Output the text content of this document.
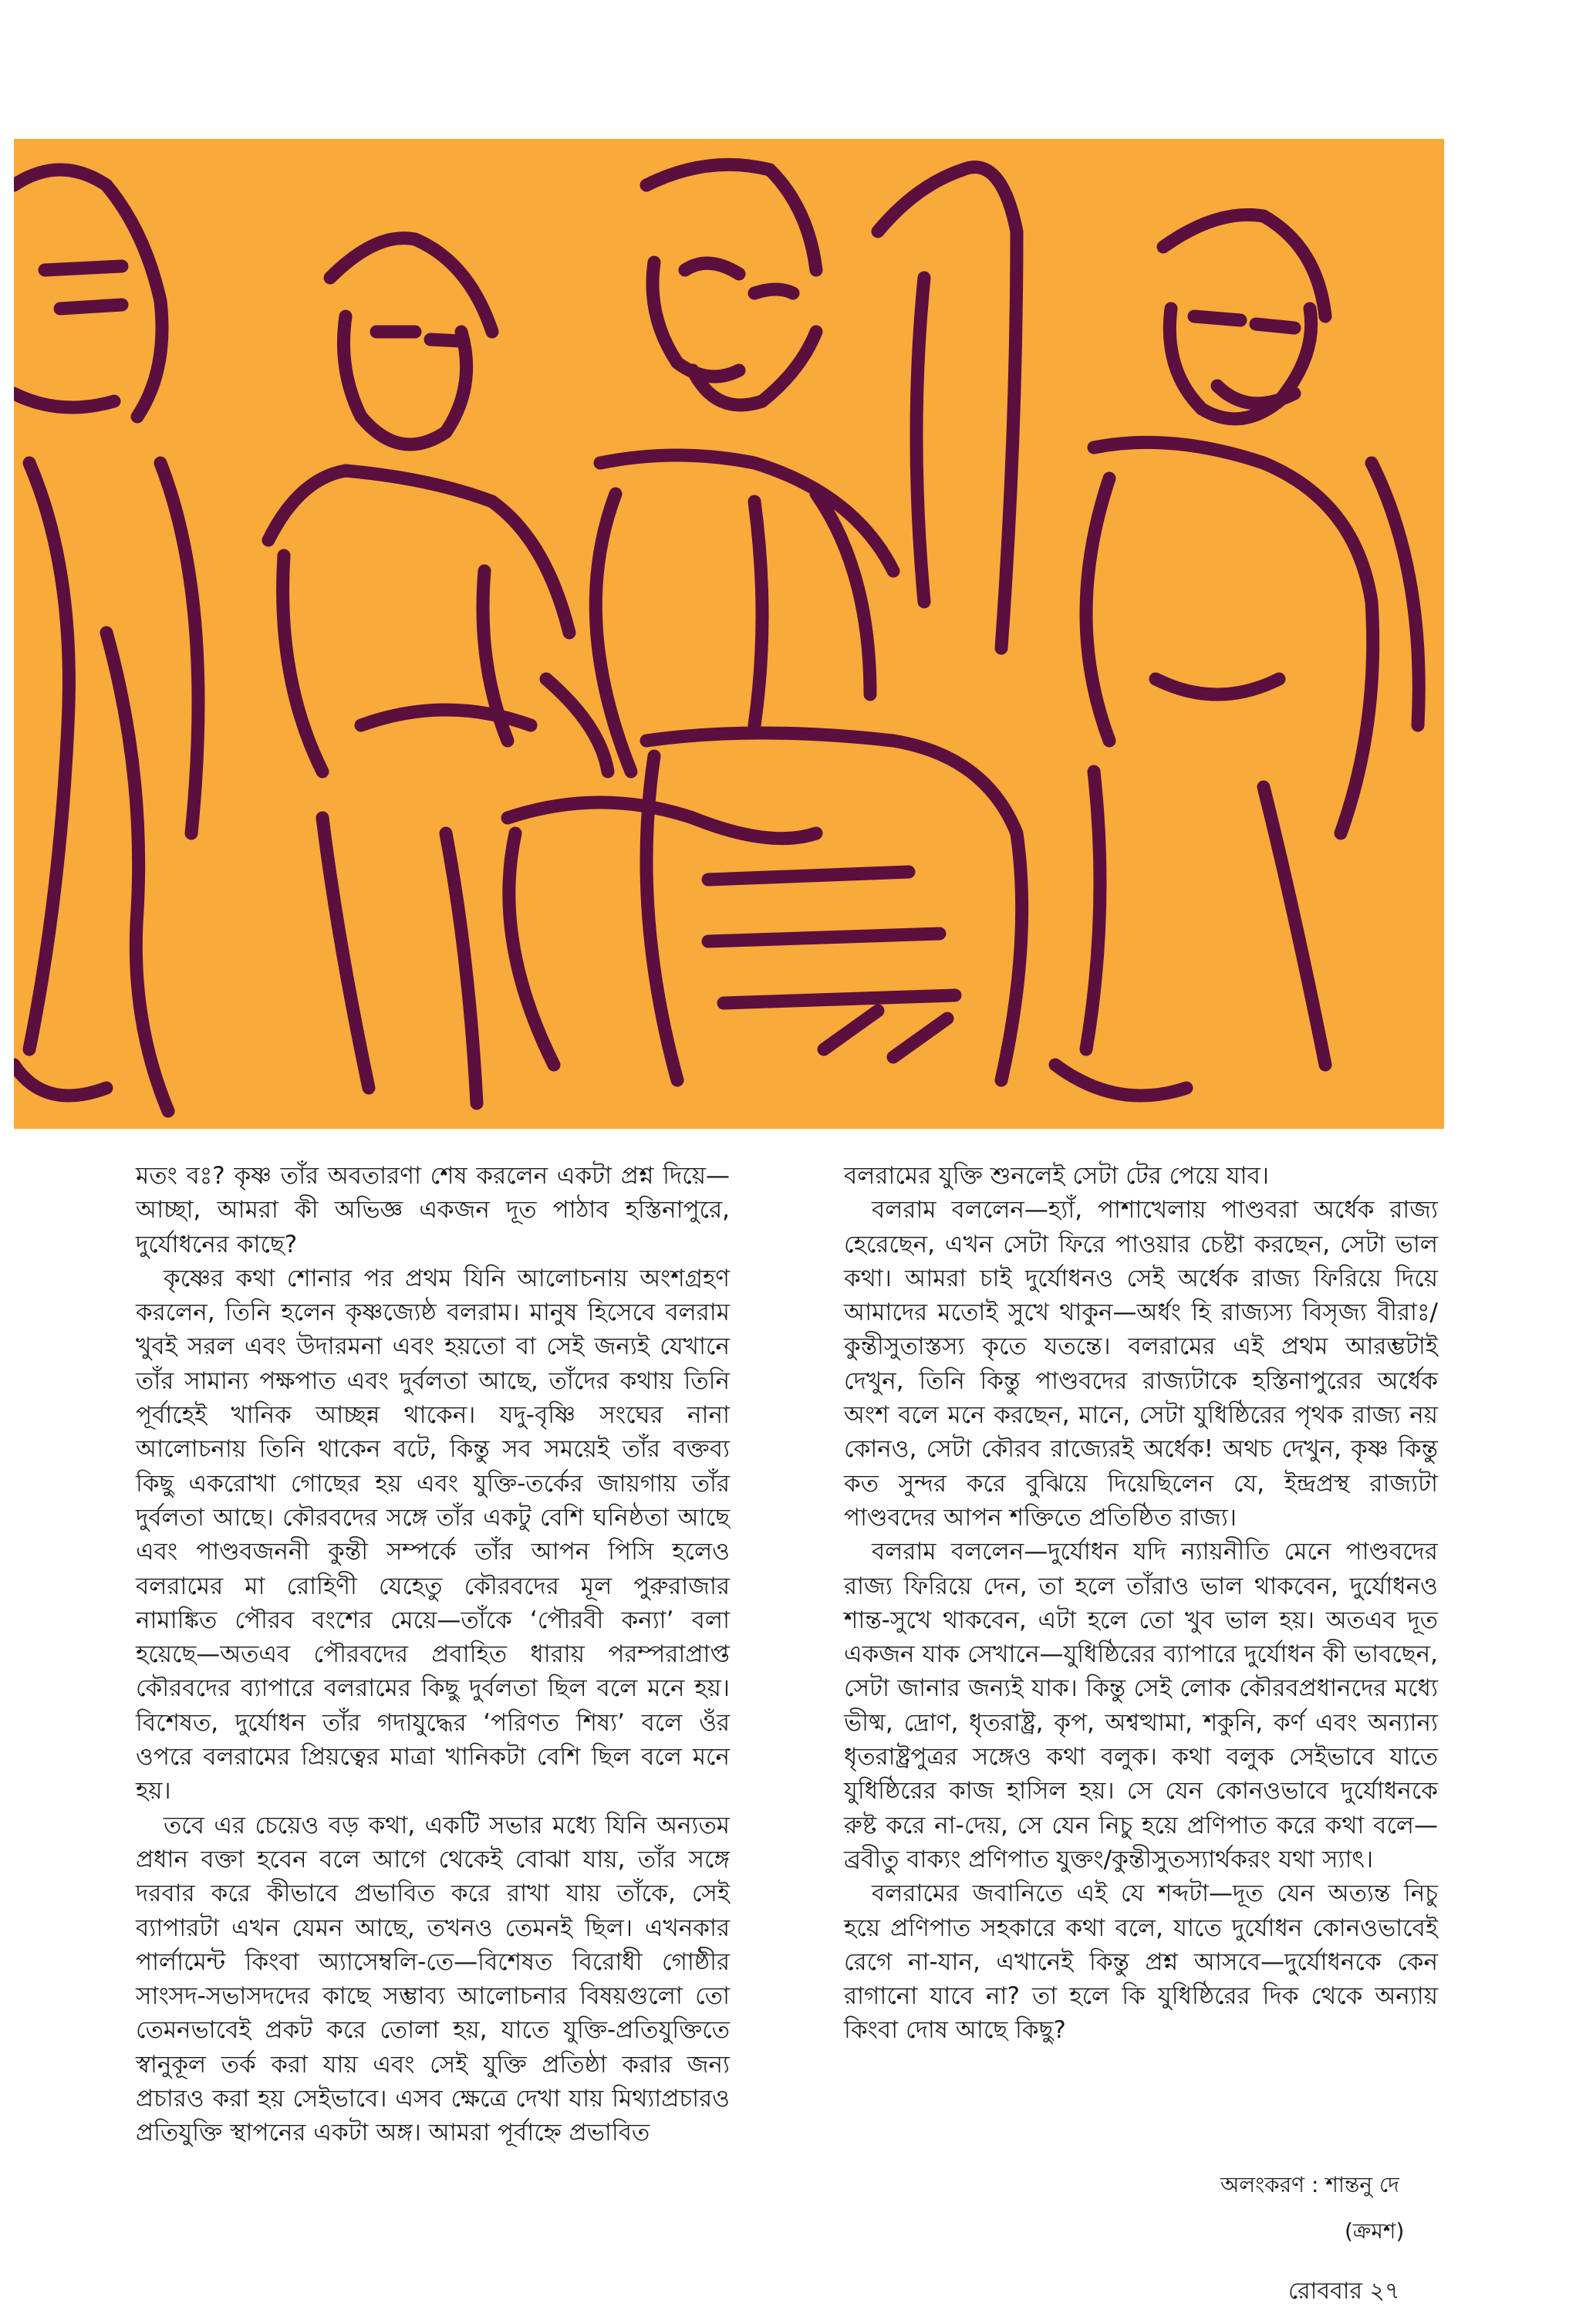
মতং বঃ? কৃষ্ণ তাঁর অবতারণা শেষ করলেন একটা প্রশ্ন দিয়ে—আচ্ছা, আমরা কী অভিজ্ঞ একজন দূত পাঠাব হস্তিনাপুরে, দুর্যোধনের কাছে?

কৃষ্ণের কথা শোনার পর প্রথম যিনি আলোচনায় অংশগ্রহণ করলেন, তিনি হলেন কৃষ্ণজ্যেষ্ঠ বলরাম। মানুষ হিসেবে বলরাম খুবই সরল এবং উদারমনা এবং হয়তো বা সেই জন্যই যেখানে তাঁর সামান্য পক্ষপাত এবং দুর্বলতা আছে, তাঁদের কথায় তিনি পূর্বাহেই খানিক আচ্ছন্ন থাকেন। যদু-বৃষ্ণি সংঘের নানা আলোচনায় তিনি থাকেন বটে, কিন্তু সব সময়েই তাঁর বক্তব্য কিছু একরোখা গোছের হয় এবং যুক্তি-তর্কের জায়গায় তাঁর দুর্বলতা আছে। কৌরবদের সঙ্গে তাঁর একটু বেশি ঘনিষ্ঠতা আছে এবং পাণ্ডবজননী কুন্তী সম্পর্কে তাঁর আপন পিসি হলেও বলরামের মা রোহিণী যেহেতু কৌরবদের মূল পুরুরাজার নামাঙ্কিত পৌরব বংশের মেয়ে—তাঁকে ‘পৌরবী কন্যা’ বলা হয়েছে—অতএব পৌরবদের প্রবাহিত ধারায় পরম্পরাপ্রাপ্ত কৌরবদের ব্যাপারে বলরামের কিছু দুর্বলতা ছিল বলে মনে হয়। বিশেষত, দুর্যোধন তাঁর গদাযুদ্ধের ‘পরিণত শিষ্য’ বলে ওঁর ওপরে বলরামের প্রিয়ত্বের মাত্রা খানিকটা বেশি ছিল বলে মনে হয়।

তবে এর চেয়েও বড় কথা, একটি সভার মধ্যে যিনি অন্যতম প্রধান বক্তা হবেন বলে আগে থেকেই বোঝা যায়, তাঁর সঙ্গে দরবার করে কীভাবে প্রভাবিত করে রাখা যায় তাঁকে, সেই ব্যাপারটা এখন যেমন আছে, তখনও তেমনই ছিল। এখনকার পার্লামেন্ট কিংবা অ্যাসেম্বলি-তে—বিশেষত বিরোধী গোষ্ঠীর সাংসদ-সভাসদদের কাছে সম্ভাব্য আলোচনার বিষয়গুলো তো তেমনভাবেই প্রকট করে তোলা হয়, যাতে যুক্তি-প্রতিযুক্তিতে স্বানুকূল তর্ক করা যায় এবং সেই যুক্তি প্রতিষ্ঠা করার জন্য প্রচারও করা হয় সেইভাবে। এসব ক্ষেত্রে দেখা যায় মিথ্যাপ্রচারও প্রতিযুক্তি স্থাপনের একটা অঙ্গ। আমরা পূর্বাহ্নে প্রভাবিত

বলরামের যুক্তি শুনলেই সেটা টের পেয়ে যাব।

বলরাম বললেন—হ্যাঁ, পাশাখেলায় পাণ্ডবরা অর্ধেক রাজ্য হেরেছেন, এখন সেটা ফিরে পাওয়ার চেষ্টা করছেন, সেটা ভাল কথা। আমরা চাই দুর্যোধনও সেই অর্ধেক রাজ্য ফিরিয়ে দিয়ে আমাদের মতোই সুখে থাকুন—অর্ধং হি রাজ্যস্য বিসৃজ্য বীরাঃ/কুন্তীসুতাস্তস্য কৃতে যতন্তে। বলরামের এই প্রথম আরম্ভটাই দেখুন, তিনি কিন্তু পাণ্ডবদের রাজ্যটাকে হস্তিনাপুরের অর্ধেক অংশ বলে মনে করছেন, মানে, সেটা যুধিষ্ঠিরের পৃথক রাজ্য নয় কোনও, সেটা কৌরব রাজ্যেরই অর্ধেক! অথচ দেখুন, কৃষ্ণ কিন্তু কত সুন্দর করে বুঝিয়ে দিয়েছিলেন যে, ইন্দ্রপ্রস্থ রাজ্যটা পাণ্ডবদের আপন শক্তিতে প্রতিষ্ঠিত রাজ্য।

বলরাম বললেন—দুর্যোধন যদি ন্যায়নীতি মেনে পাণ্ডবদের রাজ্য ফিরিয়ে দেন, তা হলে তাঁরাও ভাল থাকবেন, দুর্যোধনও শান্ত-সুখে থাকবেন, এটা হলে তো খুব ভাল হয়। অতএব দূত একজন যাক সেখানে—যুধিষ্ঠিরের ব্যাপারে দুর্যোধন কী ভাবছেন, সেটা জানার জন্যই যাক। কিন্তু সেই লোক কৌরবপ্রধানদের মধ্যে ভীষ্ম, দ্রোণ, ধৃতরাষ্ট্র, কৃপ, অশ্বত্থামা, শকুনি, কর্ণ এবং অন্যান্য ধৃতরাষ্ট্রপুত্রর সঙ্গেও কথা বলুক। কথা বলুক সেইভাবে যাতে যুধিষ্ঠিরের কাজ হাসিল হয়। সে যেন কোনওভাবে দুর্যোধনকে রুষ্ট করে না-দেয়, সে যেন নিচু হয়ে প্রণিপাত করে কথা বলে—ব্রবীতু বাক্যং প্রণিপাত যুক্তং/কুন্তীসুতস্যার্থকরং যথা স্যাৎ।

বলরামের জবানিতে এই যে শব্দটা—দূত যেন অত্যন্ত নিচু হয়ে প্রণিপাত সহকারে কথা বলে, যাতে দুর্যোধন কোনওভাবেই রেগে না-যান, এখানেই কিন্তু প্রশ্ন আসবে—দুর্যোধনকে কেন রাগানো যাবে না? তা হলে কি যুধিষ্ঠিরের দিক থেকে অন্যায় কিংবা দোষ আছে কিছু?

অলংকরণ : শান্তনু দে
(ক্রমশ)
রোববার ২৭
